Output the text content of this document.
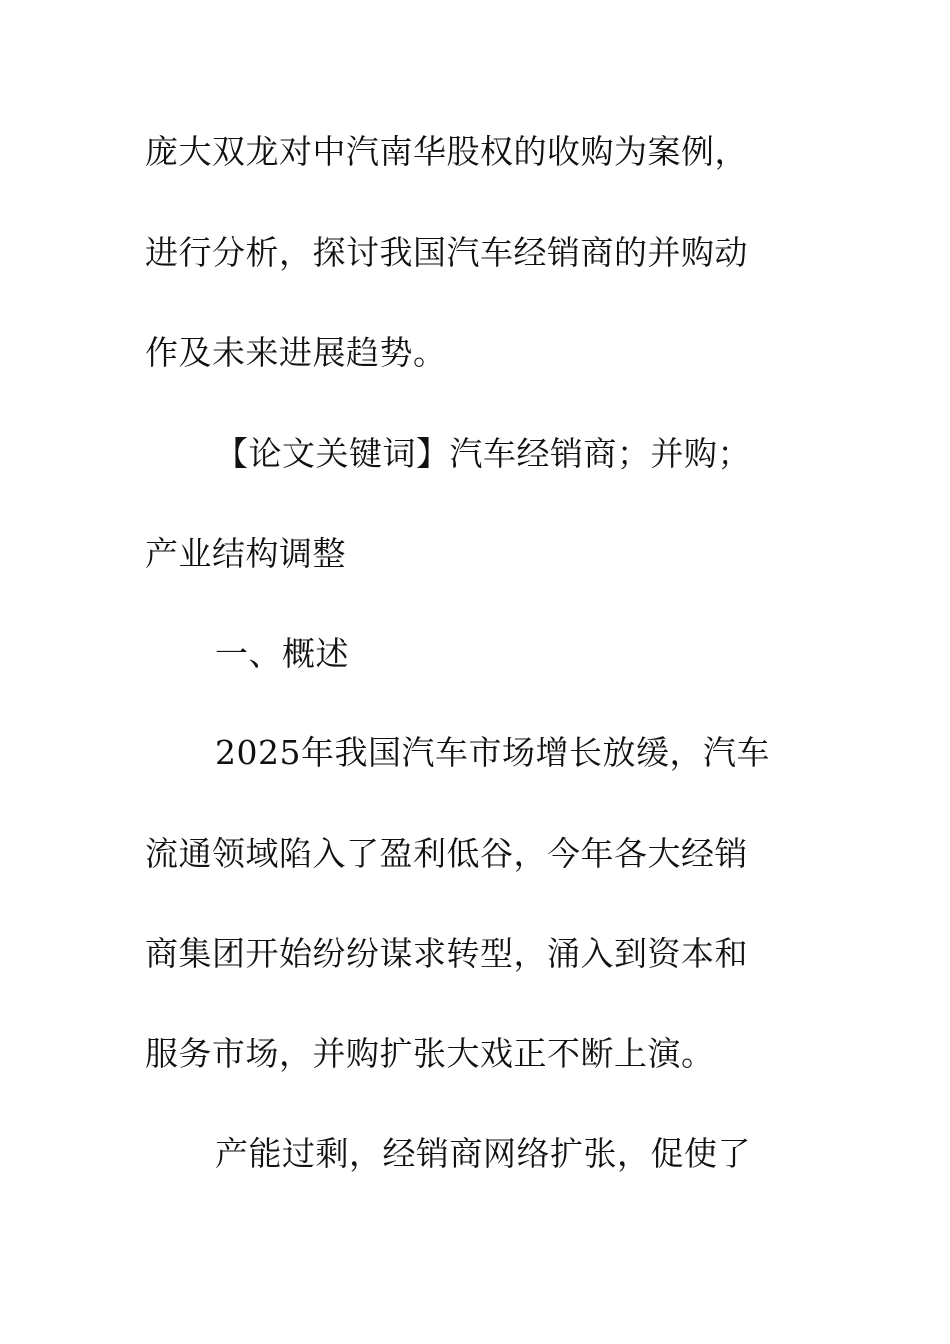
庞大双龙对中汽南华股权的收购为案例，
进行分析，探讨我国汽车经销商的并购动
作及未来进展趋势。
【论文关键词】汽车经销商；并购；
产业结构调整
一、概述
2025年我国汽车市场增长放缓，汽车
流通领域陷入了盈利低谷，今年各大经销
商集团开始纷纷谋求转型，涌入到资本和
服务市场，并购扩张大戏正不断上演。
产能过剩，经销商网络扩张，促使了
